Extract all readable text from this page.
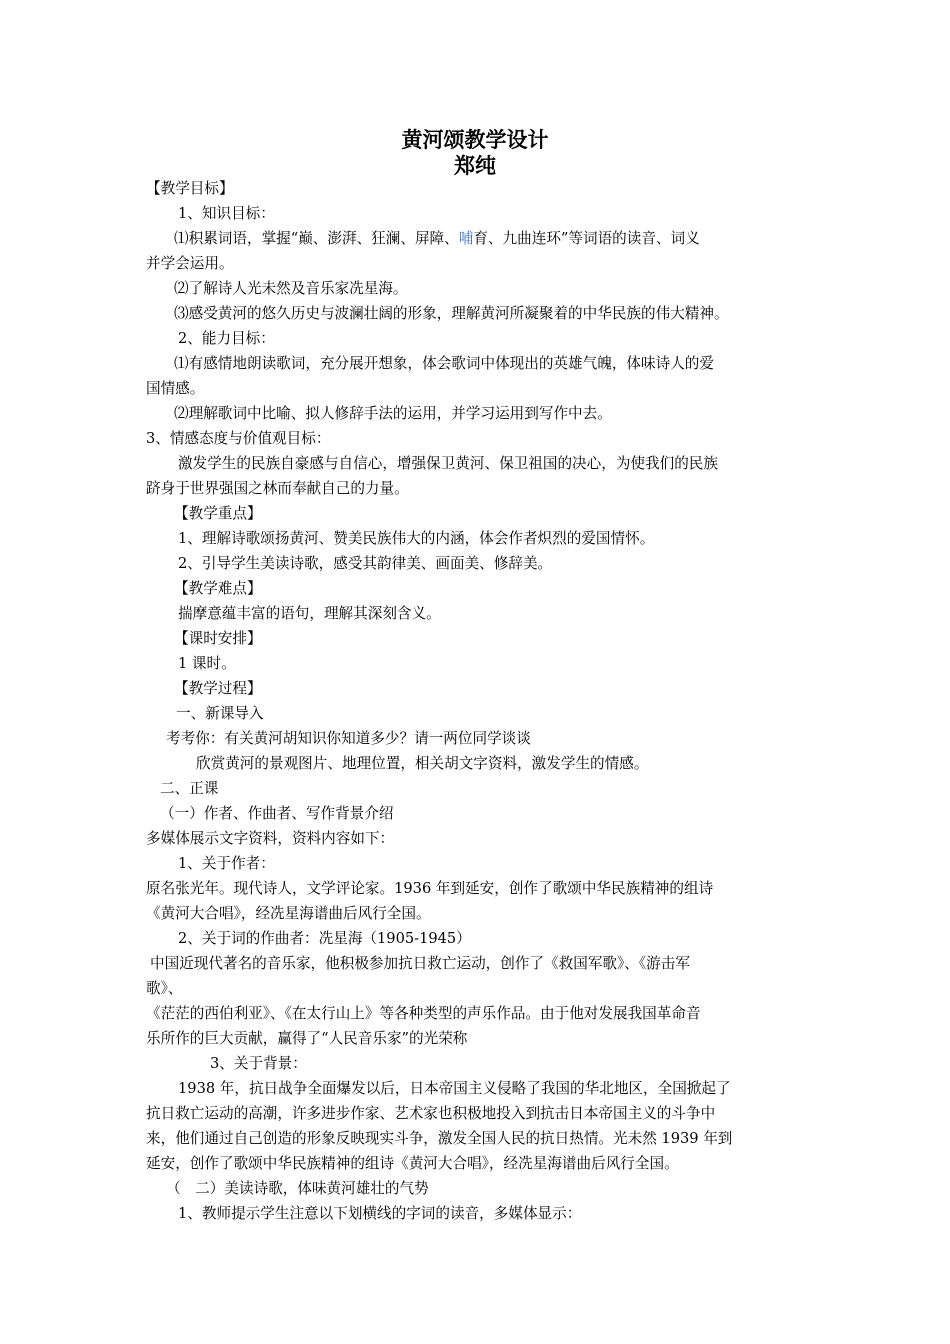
黄河颂教学设计
郑纯
【教学目标】
1、知识目标：
⑴积累词语，掌握“巅、澎湃、狂澜、屏障、哺育、九曲连环”等词语的读音、词义
并学会运用。
⑵了解诗人光未然及音乐家冼星海。
⑶感受黄河的悠久历史与波澜壮阔的形象，理解黄河所凝聚着的中华民族的伟大精神。
2、能力目标：
⑴有感情地朗读歌词，充分展开想象，体会歌词中体现出的英雄气魄，体味诗人的爱
国情感。
⑵理解歌词中比喻、拟人修辞手法的运用，并学习运用到写作中去。
3、情感态度与价值观目标：
激发学生的民族自豪感与自信心，增强保卫黄河、保卫祖国的决心，为使我们的民族
跻身于世界强国之林而奉献自己的力量。
【教学重点】
1、理解诗歌颂扬黄河、赞美民族伟大的内涵，体会作者炽烈的爱国情怀。
2、引导学生美读诗歌，感受其韵律美、画面美、修辞美。
【教学难点】
揣摩意蕴丰富的语句，理解其深刻含义。
【课时安排】
1 课时。
【教学过程】
一、新课导入
考考你：有关黄河胡知识你知道多少？请一两位同学谈谈
欣赏黄河的景观图片、地理位置，相关胡文字资料，激发学生的情感。
二、正课
（一）作者、作曲者、写作背景介绍
多媒体展示文字资料，资料内容如下：
1、关于作者：
原名张光年。现代诗人，文学评论家。1936 年到延安，创作了歌颂中华民族精神的组诗
《黄河大合唱》，经冼星海谱曲后风行全国。
2、关于词的作曲者：冼星海（1905-1945）
中国近现代著名的音乐家，他积极参加抗日救亡运动，创作了《救国军歌》、《游击军
歌》、
《茫茫的西伯利亚》、《在太行山上》等各种类型的声乐作品。由于他对发展我国革命音
乐所作的巨大贡献，赢得了“人民音乐家”的光荣称
3、关于背景：
1938 年，抗日战争全面爆发以后，日本帝国主义侵略了我国的华北地区，全国掀起了
抗日救亡运动的高潮，许多进步作家、艺术家也积极地投入到抗击日本帝国主义的斗争中
来，他们通过自己创造的形象反映现实斗争，激发全国人民的抗日热情。光未然 1939 年到
延安，创作了歌颂中华民族精神的组诗《黄河大合唱》，经冼星海谱曲后风行全国。
（　二）美读诗歌，体味黄河雄壮的气势
1、教师提示学生注意以下划横线的字词的读音，多媒体显示：
